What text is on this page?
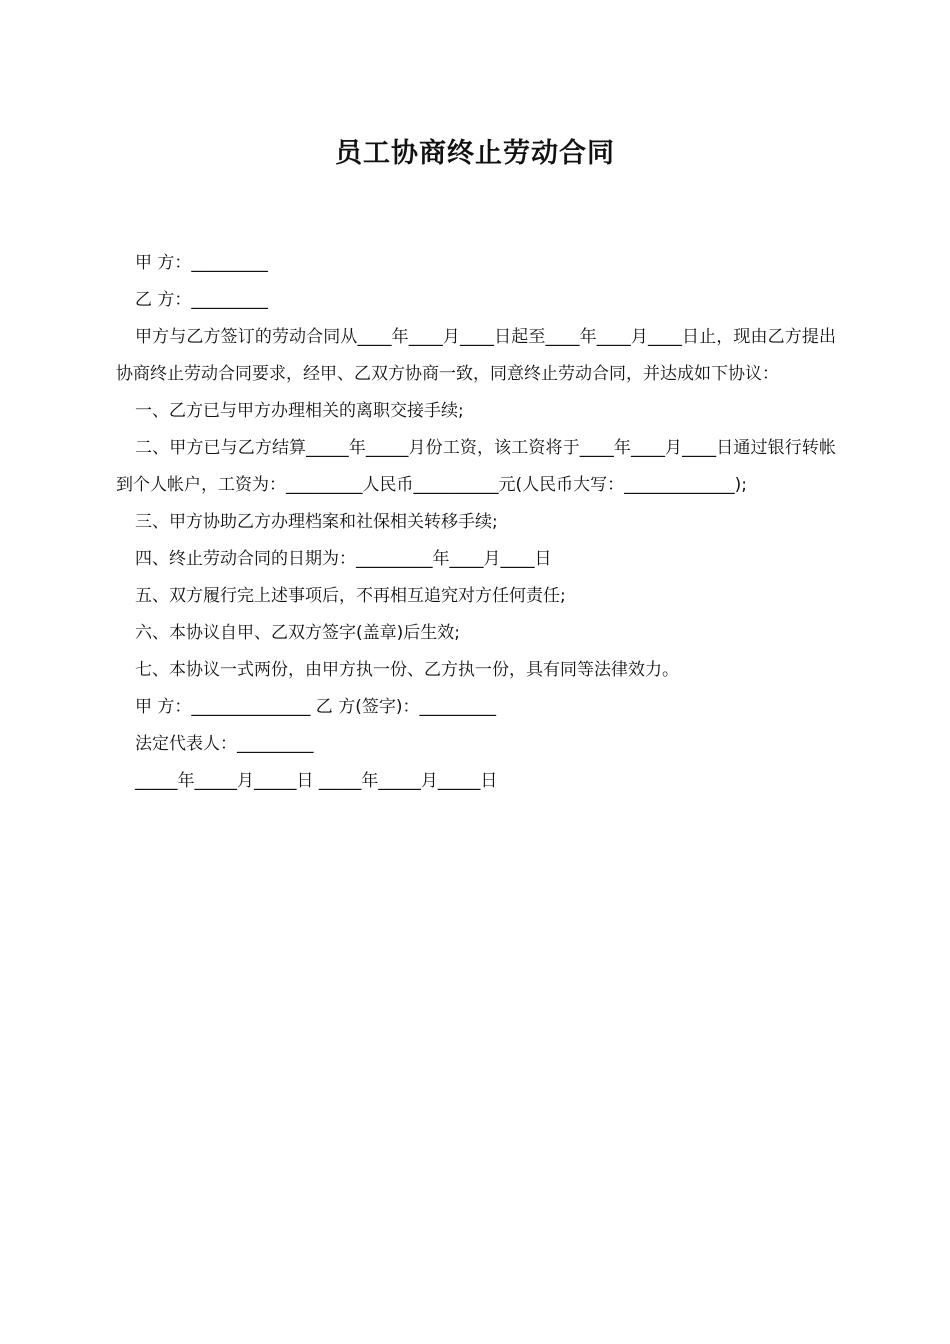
员工协商终止劳动合同
甲 方：_________
乙 方：_________
甲方与乙方签订的劳动合同从____年____月____日起至____年____月____日止，现由乙方提出协商终止劳动合同要求，经甲、乙双方协商一致，同意终止劳动合同，并达成如下协议：
一、乙方已与甲方办理相关的离职交接手续;
二、甲方已与乙方结算_____年_____月份工资，该工资将于____年____月____日通过银行转帐到个人帐户，工资为：_________人民币__________元(人民币大写：_____________);
三、甲方协助乙方办理档案和社保相关转移手续;
四、终止劳动合同的日期为：_________年____月____日
五、双方履行完上述事项后，不再相互追究对方任何责任;
六、本协议自甲、乙双方签字(盖章)后生效;
七、本协议一式两份，由甲方执一份、乙方执一份，具有同等法律效力。
甲 方：______________ 乙 方(签字)：_________
法定代表人：_________
_____年_____月_____日 _____年_____月_____日
